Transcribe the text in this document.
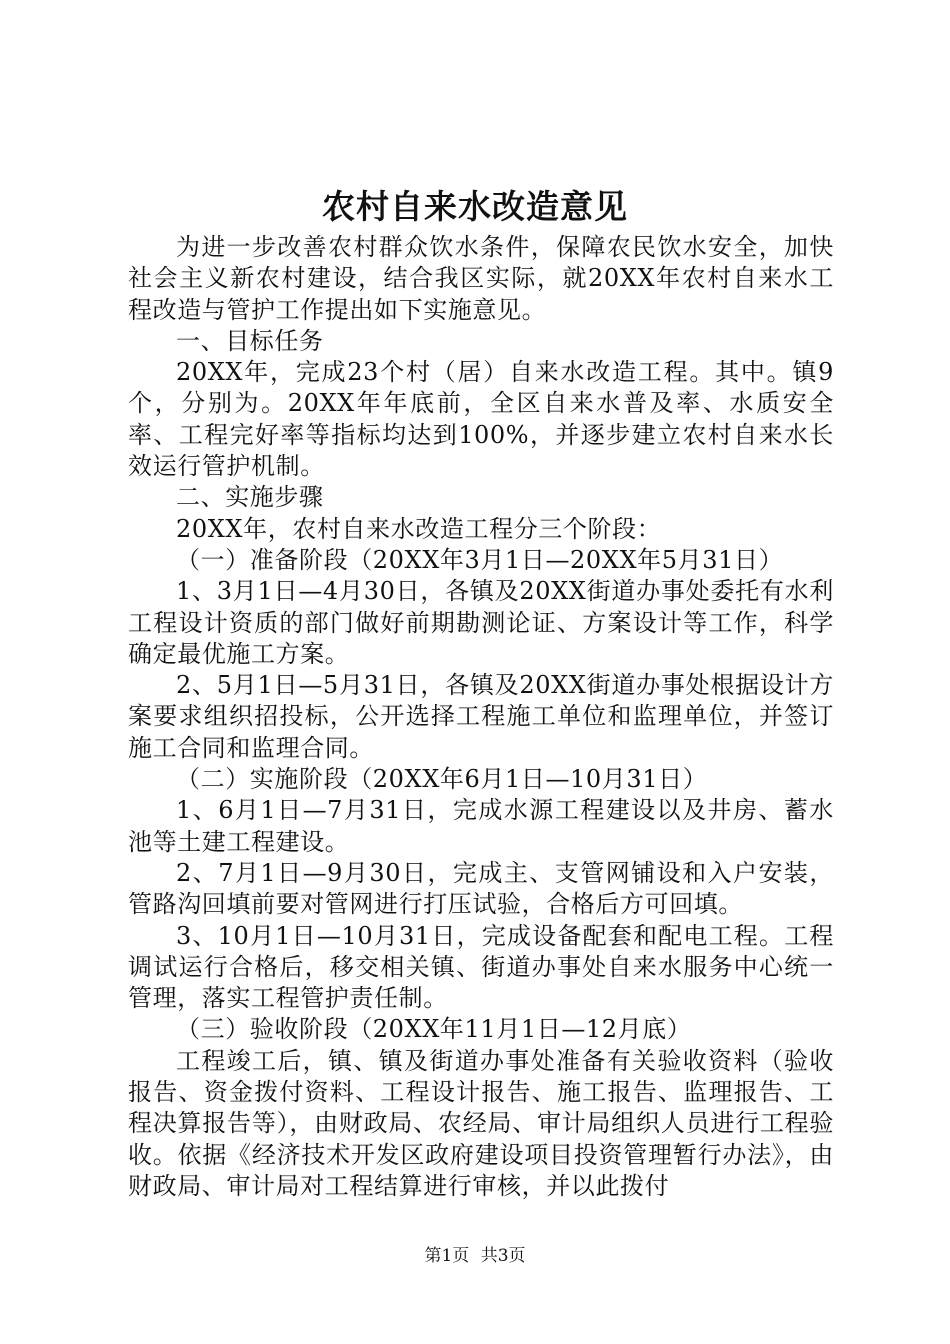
农村自来水改造意见

为进一步改善农村群众饮水条件，保障农民饮水安全，加快社会主义新农村建设，结合我区实际，就20XX年农村自来水工程改造与管护工作提出如下实施意见。

一、目标任务

20XX年，完成23个村（居）自来水改造工程。其中。镇9个，分别为。20XX年年底前，全区自来水普及率、水质安全率、工程完好率等指标均达到100%，并逐步建立农村自来水长效运行管护机制。

二、实施步骤

20XX年，农村自来水改造工程分三个阶段：

（一）准备阶段（20XX年3月1日—20XX年5月31日）

1、3月1日—4月30日，各镇及20XX街道办事处委托有水利工程设计资质的部门做好前期勘测论证、方案设计等工作，科学确定最优施工方案。

2、5月1日—5月31日，各镇及20XX街道办事处根据设计方案要求组织招投标，公开选择工程施工单位和监理单位，并签订施工合同和监理合同。

（二）实施阶段（20XX年6月1日—10月31日）

1、6月1日—7月31日，完成水源工程建设以及井房、蓄水池等土建工程建设。

2、7月1日—9月30日，完成主、支管网铺设和入户安装，管路沟回填前要对管网进行打压试验，合格后方可回填。

3、10月1日—10月31日，完成设备配套和配电工程。工程调试运行合格后，移交相关镇、街道办事处自来水服务中心统一管理，落实工程管护责任制。

（三）验收阶段（20XX年11月1日—12月底）

工程竣工后，镇、镇及街道办事处准备有关验收资料（验收报告、资金拨付资料、工程设计报告、施工报告、监理报告、工程决算报告等），由财政局、农经局、审计局组织人员进行工程验收。依据《经济技术开发区政府建设项目投资管理暂行办法》，由财政局、审计局对工程结算进行审核，并以此拨付

第1页 共3页
